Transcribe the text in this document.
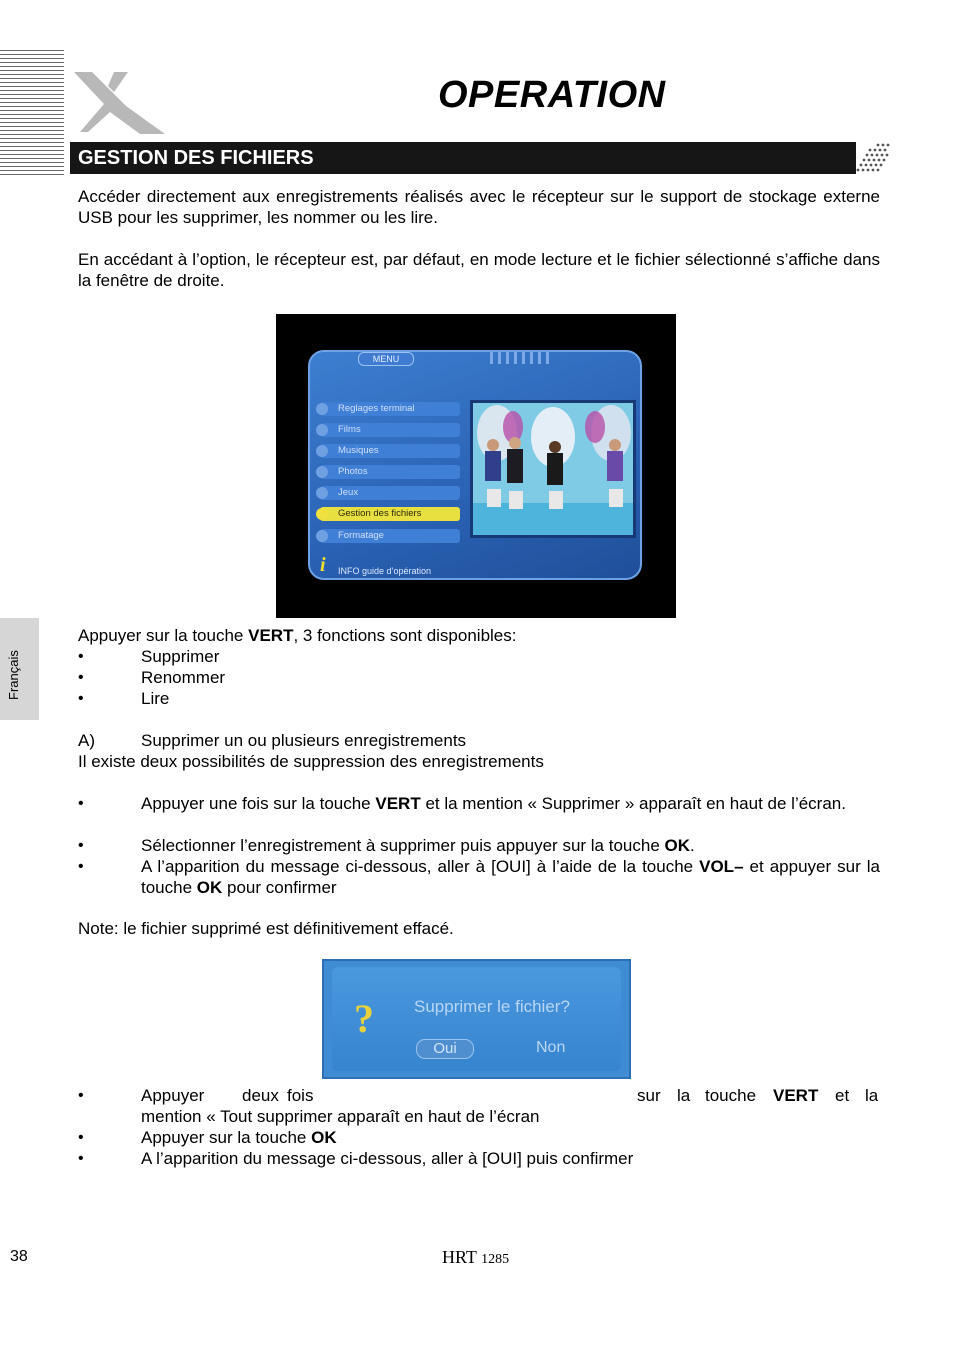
OPERATION
GESTION DES FICHIERS
Accéder directement aux enregistrements réalisés avec le récepteur sur le support de stockage externe USB pour les supprimer, les nommer ou les lire.
En accédant à l’option, le récepteur est, par défaut, en mode lecture et le fichier sélectionné s’affiche dans la fenêtre de droite.
MENU
Reglages terminal
Films
Musiques
Photos
Jeux
Gestion des fichiers
Formatage
i INFO guide d’opération
Appuyer sur la touche VERT, 3 fonctions sont disponibles:
•	Supprimer
•	Renommer
•	Lire
A)	Supprimer un ou plusieurs enregistrements
Il existe deux possibilités de suppression des enregistrements
•	Appuyer une fois sur la touche VERT et la mention « Supprimer » apparaît en haut de l’écran.
•	Sélectionner l’enregistrement à supprimer puis appuyer sur la touche OK.
•	A l’apparition du message ci-dessous, aller à [OUI] à l’aide de la touche VOL– et appuyer sur la touche OK pour confirmer
Note: le fichier supprimé est définitivement effacé.
? Supprimer le fichier?
Oui	Non
•	Appuyer deux fois	sur la touche VERT et la
mention « Tout supprimer apparaît en haut de l’écran
•	Appuyer sur la touche OK
•	A l’apparition du message ci-dessous, aller à [OUI] puis confirmer
Français
38	HRT 1285
